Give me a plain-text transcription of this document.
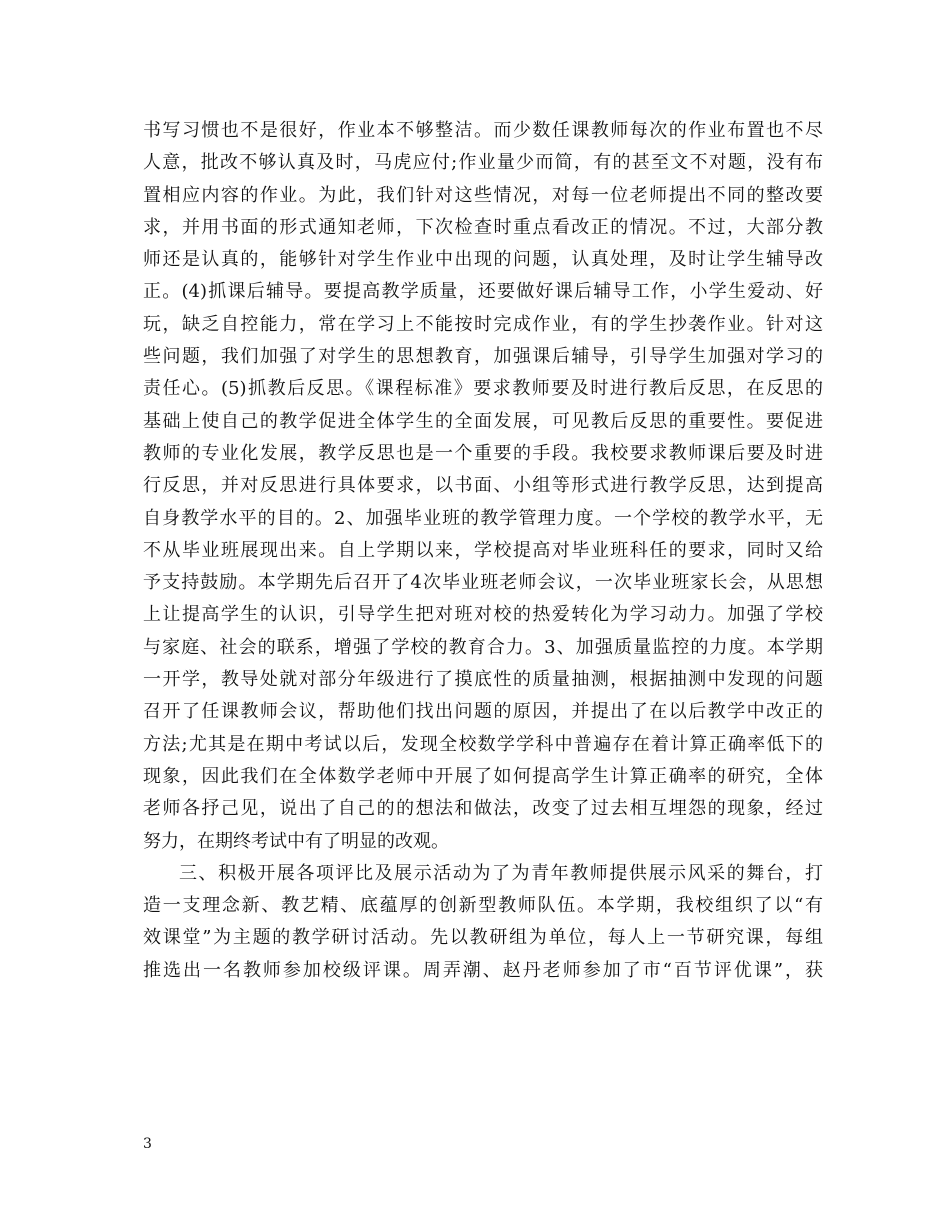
书写习惯也不是很好，作业本不够整洁。而少数任课教师每次的作业布置也不尽
人意，批改不够认真及时，马虎应付;作业量少而简，有的甚至文不对题，没有布
置相应内容的作业。为此，我们针对这些情况，对每一位老师提出不同的整改要
求，并用书面的形式通知老师，下次检查时重点看改正的情况。不过，大部分教
师还是认真的，能够针对学生作业中出现的问题，认真处理，及时让学生辅导改
正。(4)抓课后辅导。要提高教学质量，还要做好课后辅导工作，小学生爱动、好
玩，缺乏自控能力，常在学习上不能按时完成作业，有的学生抄袭作业。针对这
些问题，我们加强了对学生的思想教育，加强课后辅导，引导学生加强对学习的
责任心。(5)抓教后反思。《课程标准》要求教师要及时进行教后反思，在反思的
基础上使自己的教学促进全体学生的全面发展，可见教后反思的重要性。要促进
教师的专业化发展，教学反思也是一个重要的手段。我校要求教师课后要及时进
行反思，并对反思进行具体要求，以书面、小组等形式进行教学反思，达到提高
自身教学水平的目的。2、加强毕业班的教学管理力度。一个学校的教学水平，无
不从毕业班展现出来。自上学期以来，学校提高对毕业班科任的要求，同时又给
予支持鼓励。本学期先后召开了4次毕业班老师会议，一次毕业班家长会，从思想
上让提高学生的认识，引导学生把对班对校的热爱转化为学习动力。加强了学校
与家庭、社会的联系，增强了学校的教育合力。3、加强质量监控的力度。本学期
一开学，教导处就对部分年级进行了摸底性的质量抽测，根据抽测中发现的问题
召开了任课教师会议，帮助他们找出问题的原因，并提出了在以后教学中改正的
方法;尤其是在期中考试以后，发现全校数学学科中普遍存在着计算正确率低下的
现象，因此我们在全体数学老师中开展了如何提高学生计算正确率的研究，全体
老师各抒己见，说出了自己的的想法和做法，改变了过去相互埋怨的现象，经过
努力，在期终考试中有了明显的改观。
三、积极开展各项评比及展示活动为了为青年教师提供展示风采的舞台，打
造一支理念新、教艺精、底蕴厚的创新型教师队伍。本学期，我校组织了以“有
效课堂”为主题的教学研讨活动。先以教研组为单位，每人上一节研究课，每组
推选出一名教师参加校级评课。周弄潮、赵丹老师参加了市“百节评优课”，获
3
